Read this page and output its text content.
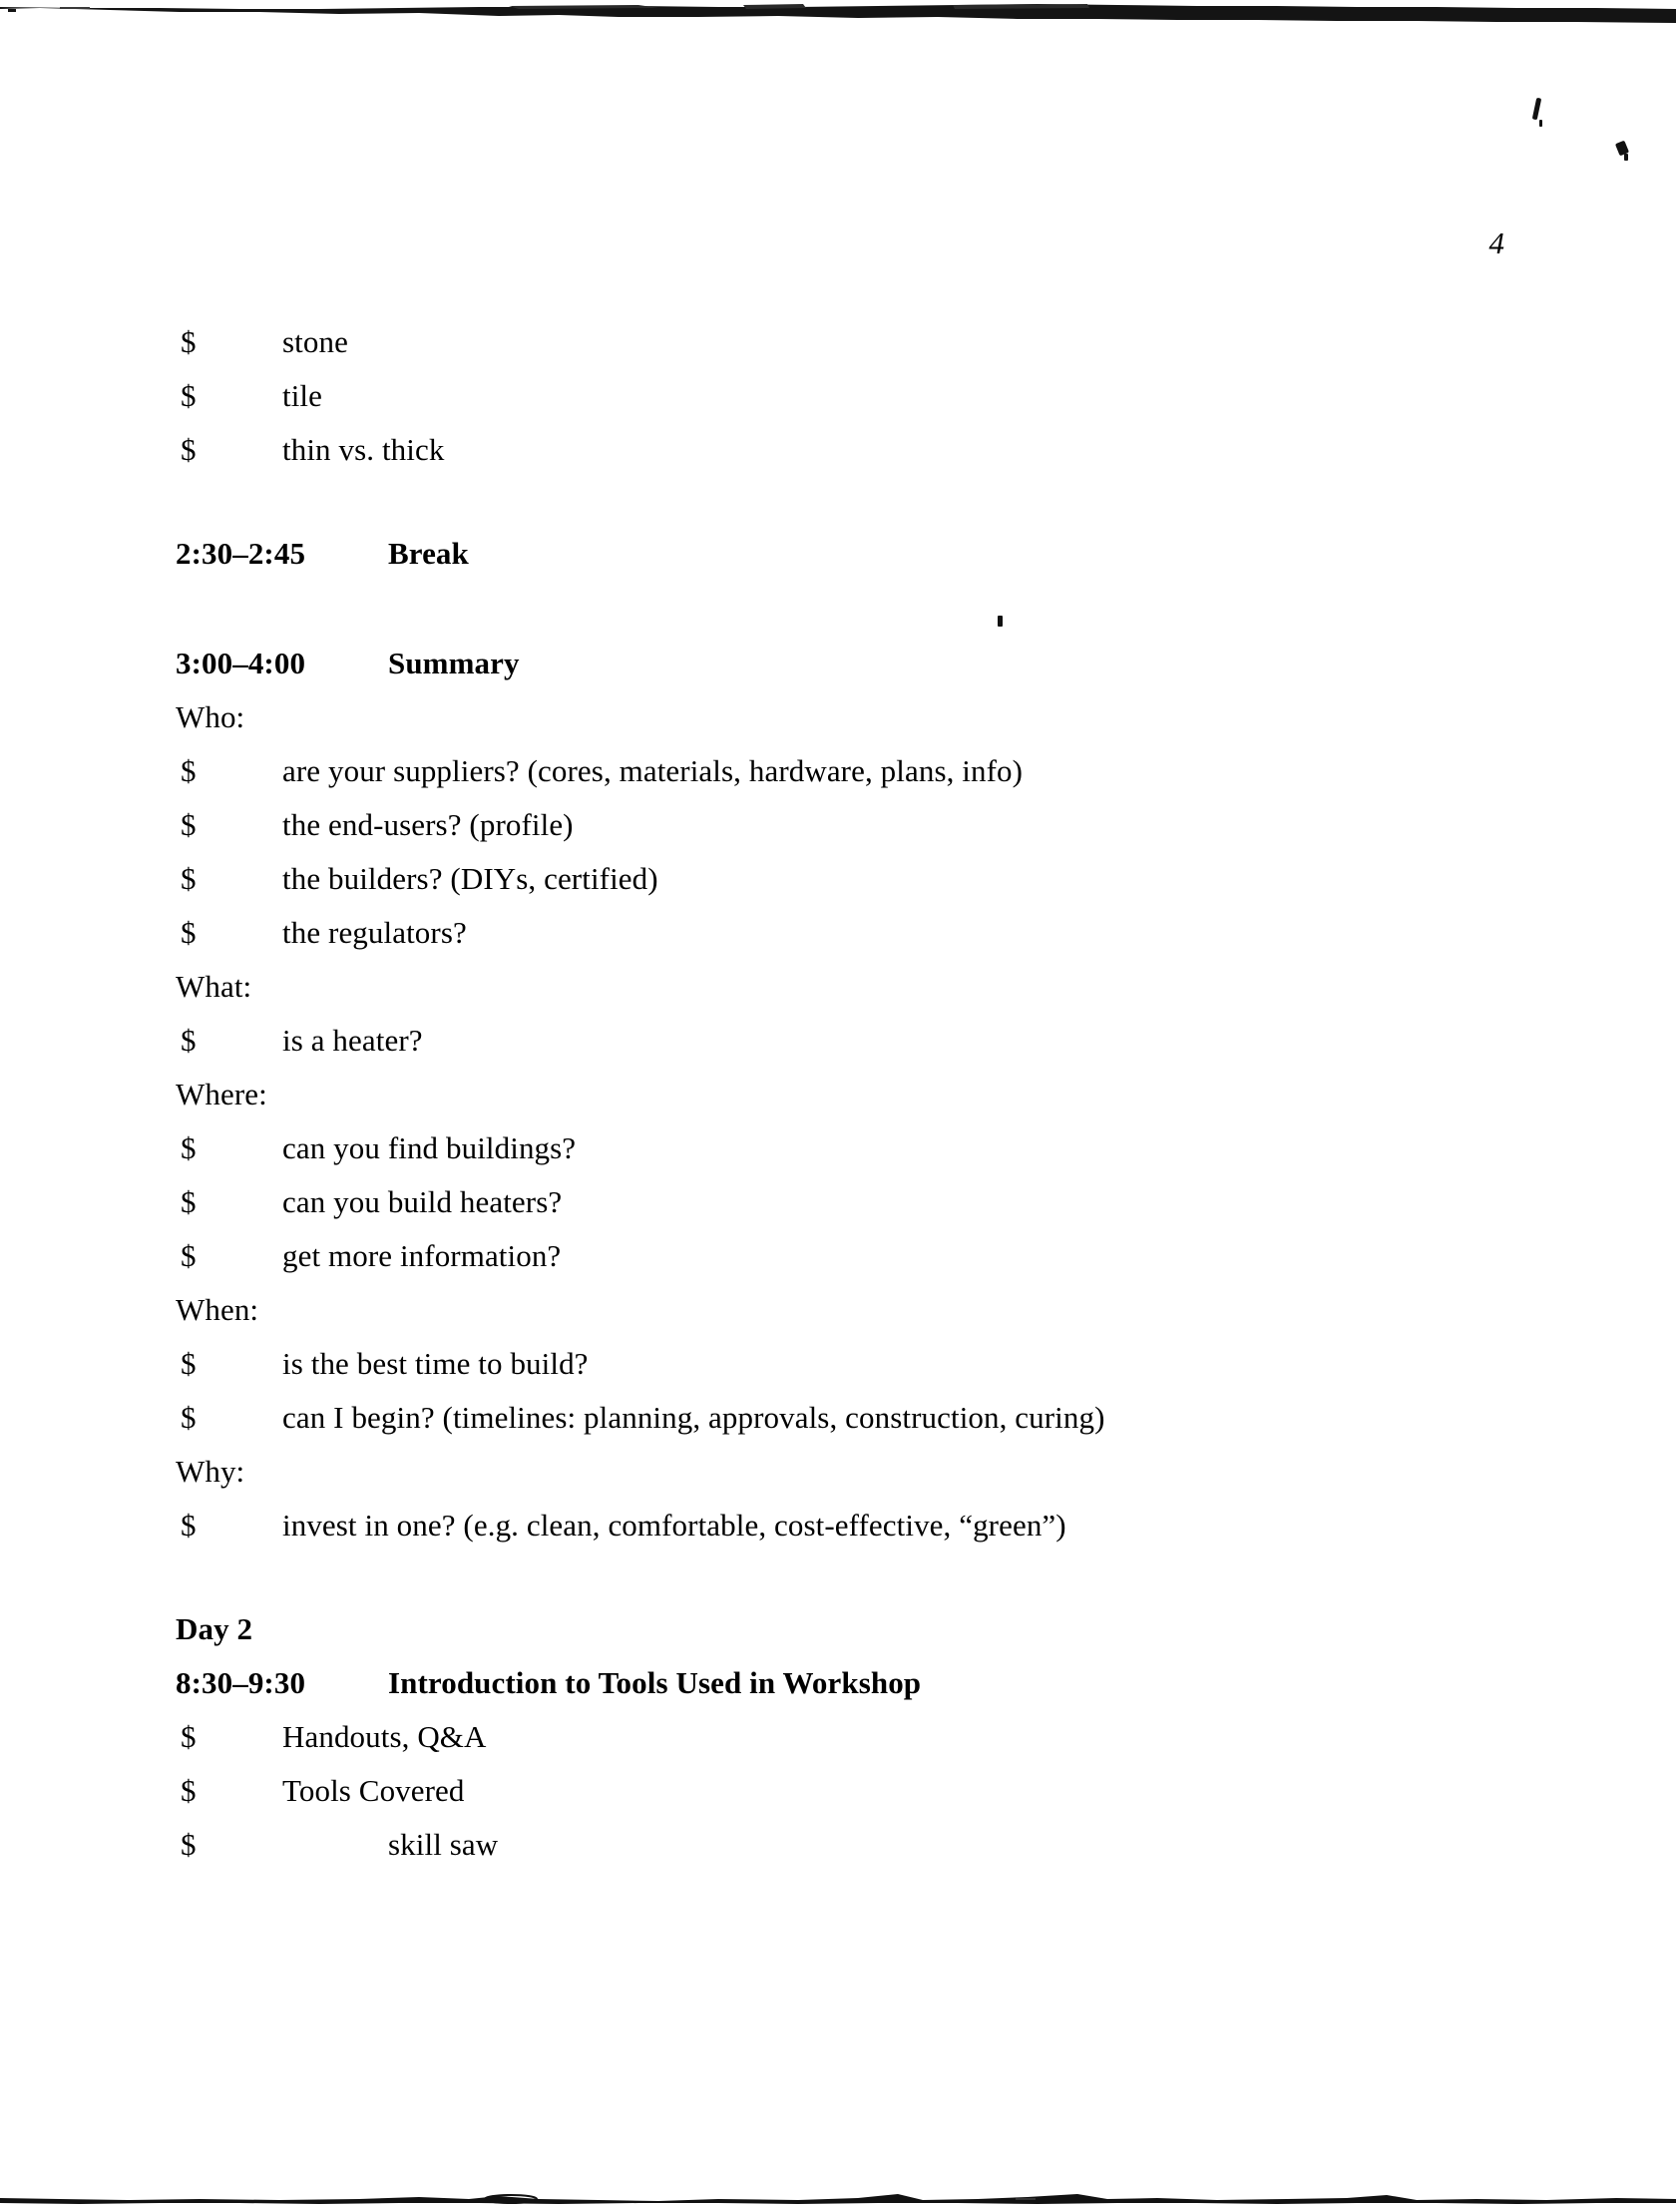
4
$	stone
$	tile
$	thin vs. thick
2:30–2:45	Break
3:00–4:00	Summary
Who:
$	are your suppliers? (cores, materials, hardware, plans, info)
$	the end-users? (profile)
$	the builders? (DIYs, certified)
$	the regulators?
What:
$	is a heater?
Where:
$	can you find buildings?
$	can you build heaters?
$	get more information?
When:
$	is the best time to build?
$	can I begin? (timelines: planning, approvals, construction, curing)
Why:
$	invest in one? (e.g. clean, comfortable, cost-effective, “green”)
Day 2
8:30–9:30	Introduction to Tools Used in Workshop
$	Handouts, Q&A
$	Tools Covered
$	skill saw
